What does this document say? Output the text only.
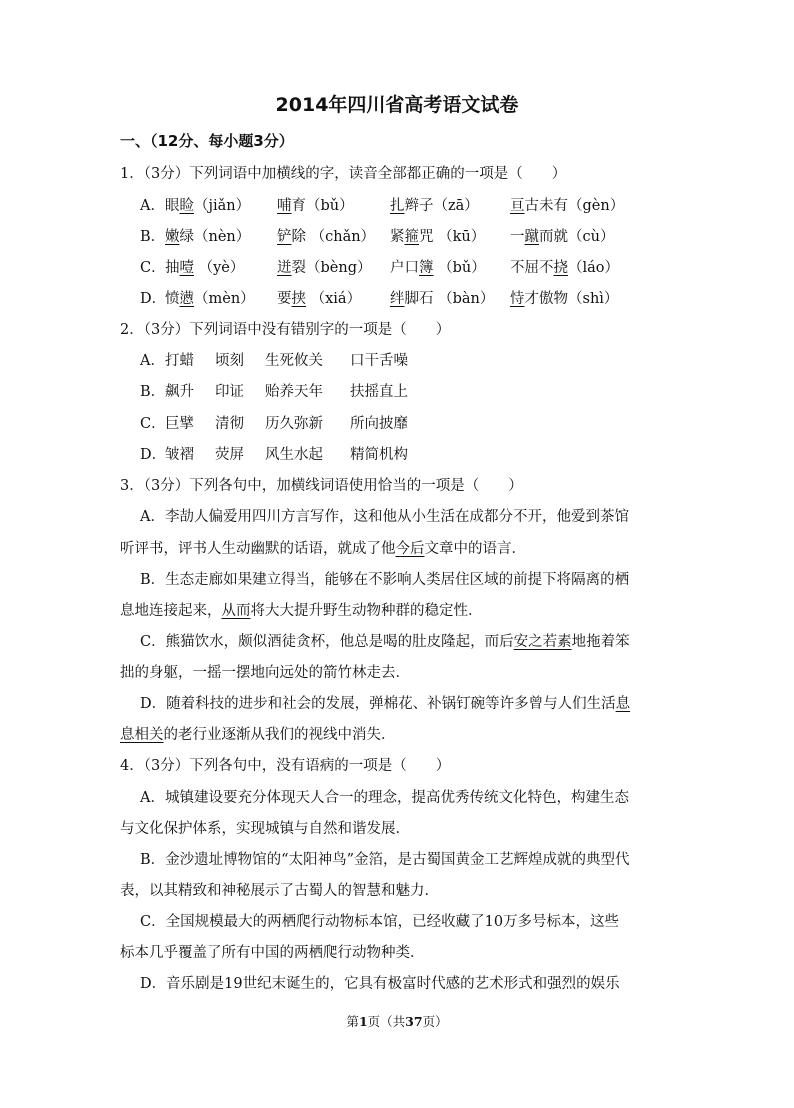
2014年四川省高考语文试卷
一、（12分、每小题3分）
1．（3分）下列词语中加横线的字，读音全部都正确的一项是（　　）
A． 眼睑（jiǎn） 哺育（bǔ）	扎辫子（zā） 亘古未有（gèn）
B． 嫩绿（nèn） 铲除 （chǎn） 紧箍咒 （kū） 一蹴而就（cù）
C． 抽噎 （yè） 迸裂（bèng） 户口簿 （bǔ） 不屈不挠（láo）
D．
愤懑（mèn） 要挟 （xiá） 绊脚石 （bàn） 恃才傲物（shì）
2．（3分）下列词语中没有错别字的一项是（　　）
A． 打蜡 顷刻 生死攸关 口干舌噪
B． 飙升 印证 贻养天年 扶摇直上
C． 巨擘 清彻 历久弥新 所向披靡
D．
皱褶 荧屏 风生水起 精简机构
3．（3分）下列各句中，加横线词语使用恰当的一项是（　　）
A．李劼人偏爱用四川方言写作，这和他从小生活在成都分不开，他爱到茶馆
听评书，评书人生动幽默的话语，就成了他今后文章中的语言．
B．生态走廊如果建立得当，能够在不影响人类居住区域的前提下将隔离的栖
息地连接起来，从而将大大提升野生动物种群的稳定性．
C．熊猫饮水，颇似酒徒贪杯，他总是喝的肚皮隆起，而后安之若素地拖着笨
拙的身躯，一摇一摆地向远处的箭竹林走去．
D．随着科技的进步和社会的发展，弹棉花、补锅钉碗等许多曾与人们生活息
息相关的老行业逐渐从我们的视线中消失．
4．（3分）下列各句中，没有语病的一项是（　　）
A．城镇建设要充分体现天人合一的理念，提高优秀传统文化特色，构建生态
与文化保护体系，实现城镇与自然和谐发展．
B．金沙遗址博物馆的“太阳神鸟”金箔，是古蜀国黄金工艺辉煌成就的典型代
表，以其精致和神秘展示了古蜀人的智慧和魅力．
C．全国规模最大的两栖爬行动物标本馆，已经收藏了10万多号标本，这些
标本几乎覆盖了所有中国的两栖爬行动物种类．
D．音乐剧是19世纪末诞生的，它具有极富时代感的艺术形式和强烈的娱乐
第1页（共37页）
